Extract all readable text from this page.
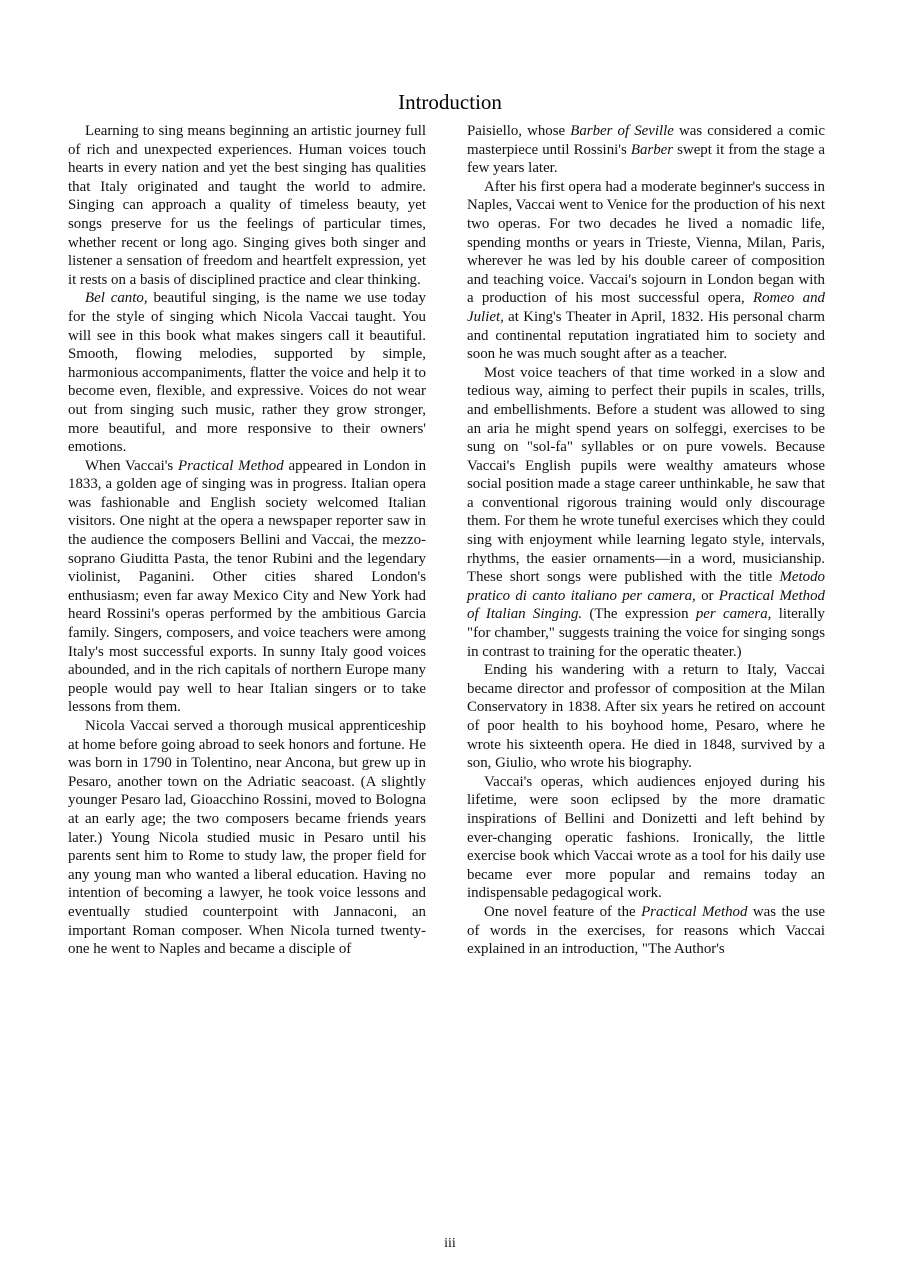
Introduction

Learning to sing means beginning an artistic journey full of rich and unexpected experiences. Human voices touch hearts in every nation and yet the best singing has qualities that Italy originated and taught the world to admire. Singing can approach a quality of timeless beauty, yet songs preserve for us the feelings of particular times, whether recent or long ago. Singing gives both singer and listener a sensation of freedom and heartfelt expression, yet it rests on a basis of disciplined practice and clear thinking.

Bel canto, beautiful singing, is the name we use today for the style of singing which Nicola Vaccai taught. You will see in this book what makes singers call it beautiful. Smooth, flowing melodies, supported by simple, harmonious accompaniments, flatter the voice and help it to become even, flexible, and expressive. Voices do not wear out from singing such music, rather they grow stronger, more beautiful, and more responsive to their owners' emotions.

When Vaccai's Practical Method appeared in London in 1833, a golden age of singing was in progress. Italian opera was fashionable and English society welcomed Italian visitors. One night at the opera a newspaper reporter saw in the audience the composers Bellini and Vaccai, the mezzo-soprano Giuditta Pasta, the tenor Rubini and the legendary violinist, Paganini. Other cities shared London's enthusiasm; even far away Mexico City and New York had heard Rossini's operas performed by the ambitious Garcia family. Singers, composers, and voice teachers were among Italy's most successful exports. In sunny Italy good voices abounded, and in the rich capitals of northern Europe many people would pay well to hear Italian singers or to take lessons from them.

Nicola Vaccai served a thorough musical apprenticeship at home before going abroad to seek honors and fortune. He was born in 1790 in Tolentino, near Ancona, but grew up in Pesaro, another town on the Adriatic seacoast. (A slightly younger Pesaro lad, Gioacchino Rossini, moved to Bologna at an early age; the two composers became friends years later.) Young Nicola studied music in Pesaro until his parents sent him to Rome to study law, the proper field for any young man who wanted a liberal education. Having no intention of becoming a lawyer, he took voice lessons and eventually studied counterpoint with Jannaconi, an important Roman composer. When Nicola turned twenty-one he went to Naples and became a disciple of

Paisiello, whose Barber of Seville was considered a comic masterpiece until Rossini's Barber swept it from the stage a few years later.

After his first opera had a moderate beginner's success in Naples, Vaccai went to Venice for the production of his next two operas. For two decades he lived a nomadic life, spending months or years in Trieste, Vienna, Milan, Paris, wherever he was led by his double career of composition and teaching voice. Vaccai's sojourn in London began with a production of his most successful opera, Romeo and Juliet, at King's Theater in April, 1832. His personal charm and continental reputation ingratiated him to society and soon he was much sought after as a teacher.

Most voice teachers of that time worked in a slow and tedious way, aiming to perfect their pupils in scales, trills, and embellishments. Before a student was allowed to sing an aria he might spend years on solfeggi, exercises to be sung on "sol-fa" syllables or on pure vowels. Because Vaccai's English pupils were wealthy amateurs whose social position made a stage career unthinkable, he saw that a conventional rigorous training would only discourage them. For them he wrote tuneful exercises which they could sing with enjoyment while learning legato style, intervals, rhythms, the easier ornaments—in a word, musicianship. These short songs were published with the title Metodo pratico di canto italiano per camera, or Practical Method of Italian Singing. (The expression per camera, literally "for chamber," suggests training the voice for singing songs in contrast to training for the operatic theater.)

Ending his wandering with a return to Italy, Vaccai became director and professor of composition at the Milan Conservatory in 1838. After six years he retired on account of poor health to his boyhood home, Pesaro, where he wrote his sixteenth opera. He died in 1848, survived by a son, Giulio, who wrote his biography.

Vaccai's operas, which audiences enjoyed during his lifetime, were soon eclipsed by the more dramatic inspirations of Bellini and Donizetti and left behind by ever-changing operatic fashions. Ironically, the little exercise book which Vaccai wrote as a tool for his daily use became ever more popular and remains today an indispensable pedagogical work.

One novel feature of the Practical Method was the use of words in the exercises, for reasons which Vaccai explained in an introduction, "The Author's

iii
